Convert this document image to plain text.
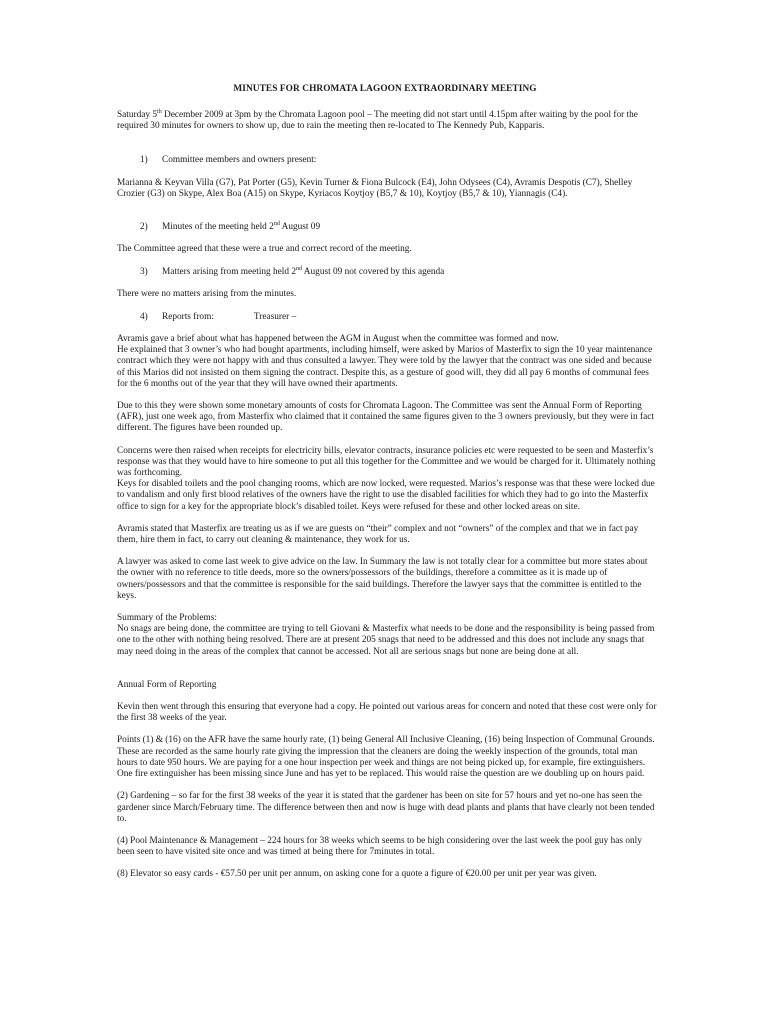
MINUTES FOR CHROMATA LAGOON EXTRAORDINARY MEETING

Saturday 5th December 2009 at 3pm by the Chromata Lagoon pool – The meeting did not start until 4.15pm after waiting by the pool for the required 30 minutes for owners to show up, due to rain the meeting then re-located to The Kennedy Pub, Kapparis.

1) Committee members and owners present:

Marianna & Keyvan Villa (G7), Pat Porter (G5), Kevin Turner & Fiona Bulcock (E4), John Odysees (C4), Avramis Despotis (C7), Shelley Crozier (G3) on Skype, Alex Boa (A15) on Skype, Kyriacos Koytjoy (B5,7 & 10), Koytjoy (B5,7 & 10), Yiannagis (C4).

2) Minutes of the meeting held 2nd August 09

The Committee agreed that these were a true and correct record of the meeting.

3) Matters arising from meeting held 2nd August 09 not covered by this agenda

There were no matters arising from the minutes.

4) Reports from:	Treasurer –

Avramis gave a brief about what has happened between the AGM in August when the committee was formed and now.

He explained that 3 owner’s who had bought apartments, including himself, were asked by Marios of Masterfix to sign the 10 year maintenance contract which they were not happy with and thus consulted a lawyer. They were told by the lawyer that the contract was one sided and because of this Marios did not insisted on them signing the contract. Despite this, as a gesture of good will, they did all pay 6 months of communal fees for the 6 months out of the year that they will have owned their apartments.

Due to this they were shown some monetary amounts of costs for Chromata Lagoon. The Committee was sent the Annual Form of Reporting (AFR), just one week ago, from Masterfix who claimed that it contained the same figures given to the 3 owners previously, but they were in fact different. The figures have been rounded up.

Concerns were then raised when receipts for electricity bills, elevator contracts, insurance policies etc were requested to be seen and Masterfix’s response was that they would have to hire someone to put all this together for the Committee and we would be charged for it. Ultimately nothing was forthcoming.

Keys for disabled toilets and the pool changing rooms, which are now locked, were requested. Marios’s response was that these were locked due to vandalism and only first blood relatives of the owners have the right to use the disabled facilities for which they had to go into the Masterfix office to sign for a key for the appropriate block’s disabled toilet. Keys were refused for these and other locked areas on site.

Avramis stated that Masterfix are treating us as if we are guests on “their” complex and not “owners” of the complex and that we in fact pay them, hire them in fact, to carry out cleaning & maintenance, they work for us.

A lawyer was asked to come last week to give advice on the law. In Summary the law is not totally clear for a committee but more states about the owner with no reference to title deeds, more so the owners/possessors of the buildings, therefore a committee as it is made up of owners/possessors and that the committee is responsible for the said buildings. Therefore the lawyer says that the committee is entitled to the keys.

Summary of the Problems:

No snags are being done, the committee are trying to tell Giovani & Masterfix what needs to be done and the responsibility is being passed from one to the other with nothing being resolved. There are at present 205 snags that need to be addressed and this does not include any snags that may need doing in the areas of the complex that cannot be accessed. Not all are serious snags but none are being done at all.

Annual Form of Reporting

Kevin then went through this ensuring that everyone had a copy. He pointed out various areas for concern and noted that these cost were only for the first 38 weeks of the year.

Points (1) & (16) on the AFR have the same hourly rate, (1) being General All Inclusive Cleaning, (16) being Inspection of Communal Grounds. These are recorded as the same hourly rate giving the impression that the cleaners are doing the weekly inspection of the grounds, total man hours to date 950 hours. We are paying for a one hour inspection per week and things are not being picked up, for example, fire extinguishers. One fire extinguisher has been missing since June and has yet to be replaced. This would raise the question are we doubling up on hours paid.

(2) Gardening – so far for the first 38 weeks of the year it is stated that the gardener has been on site for 57 hours and yet no-one has seen the gardener since March/February time. The difference between then and now is huge with dead plants and plants that have clearly not been tended to.

(4) Pool Maintenance & Management – 224 hours for 38 weeks which seems to be high considering over the last week the pool guy has only been seen to have visited site once and was timed at being there for 7minutes in total.

(8) Elevator so easy cards - €57.50 per unit per annum, on asking cone for a quote a figure of €20.00 per unit per year was given.
